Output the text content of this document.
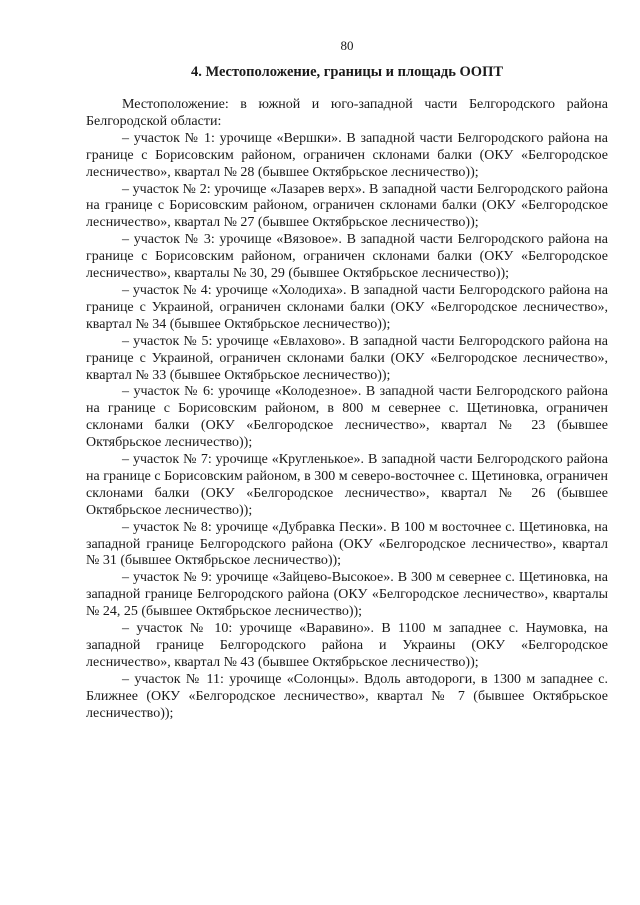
80
4. Местоположение, границы и площадь ООПТ

Местоположение: в южной и юго-западной части Белгородского района Белгородской области:

– участок № 1: урочище «Вершки». В западной части Белгородского района на границе с Борисовским районом, ограничен склонами балки (ОКУ «Белгородское лесничество», квартал № 28 (бывшее Октябрьское лесничество));

– участок № 2: урочище «Лазарев верх». В западной части Белгородского района на границе с Борисовским районом, ограничен склонами балки (ОКУ «Белгородское лесничество», квартал № 27 (бывшее Октябрьское лесничество));

– участок № 3: урочище «Вязовое». В западной части Белгородского района на границе с Борисовским районом, ограничен склонами балки (ОКУ «Белгородское лесничество», кварталы № 30, 29 (бывшее Октябрьское лесничество));

– участок № 4: урочище «Холодиха». В западной части Белгородского района на границе с Украиной, ограничен склонами балки (ОКУ «Белгородское лесничество», квартал № 34 (бывшее Октябрьское лесничество));

– участок № 5: урочище «Евлахово». В западной части Белгородского района на границе с Украиной, ограничен склонами балки (ОКУ «Белгородское лесничество», квартал № 33 (бывшее Октябрьское лесничество));

– участок № 6: урочище «Колодезное». В западной части Белгородского района на границе с Борисовским районом, в 800 м севернее с. Щетиновка, ограничен склонами балки (ОКУ «Белгородское лесничество», квартал № 23 (бывшее Октябрьское лесничество));

– участок № 7: урочище «Кругленькое». В западной части Белгородского района на границе с Борисовским районом, в 300 м северо-восточнее с. Щетиновка, ограничен склонами балки (ОКУ «Белгородское лесничество», квартал № 26 (бывшее Октябрьское лесничество));

– участок № 8: урочище «Дубравка Пески». В 100 м восточнее с. Щетиновка, на западной границе Белгородского района (ОКУ «Белгородское лесничество», квартал № 31 (бывшее Октябрьское лесничество));

– участок № 9: урочище «Зайцево-Высокое». В 300 м севернее с. Щетиновка, на западной границе Белгородского района (ОКУ «Белгородское лесничество», кварталы № 24, 25 (бывшее Октябрьское лесничество));

– участок № 10: урочище «Варавино». В 1100 м западнее с. Наумовка, на западной границе Белгородского района и Украины (ОКУ «Белгородское лесничество», квартал № 43 (бывшее Октябрьское лесничество));

– участок № 11: урочище «Солонцы». Вдоль автодороги, в 1300 м западнее с. Ближнее (ОКУ «Белгородское лесничество», квартал № 7 (бывшее Октябрьское лесничество));
